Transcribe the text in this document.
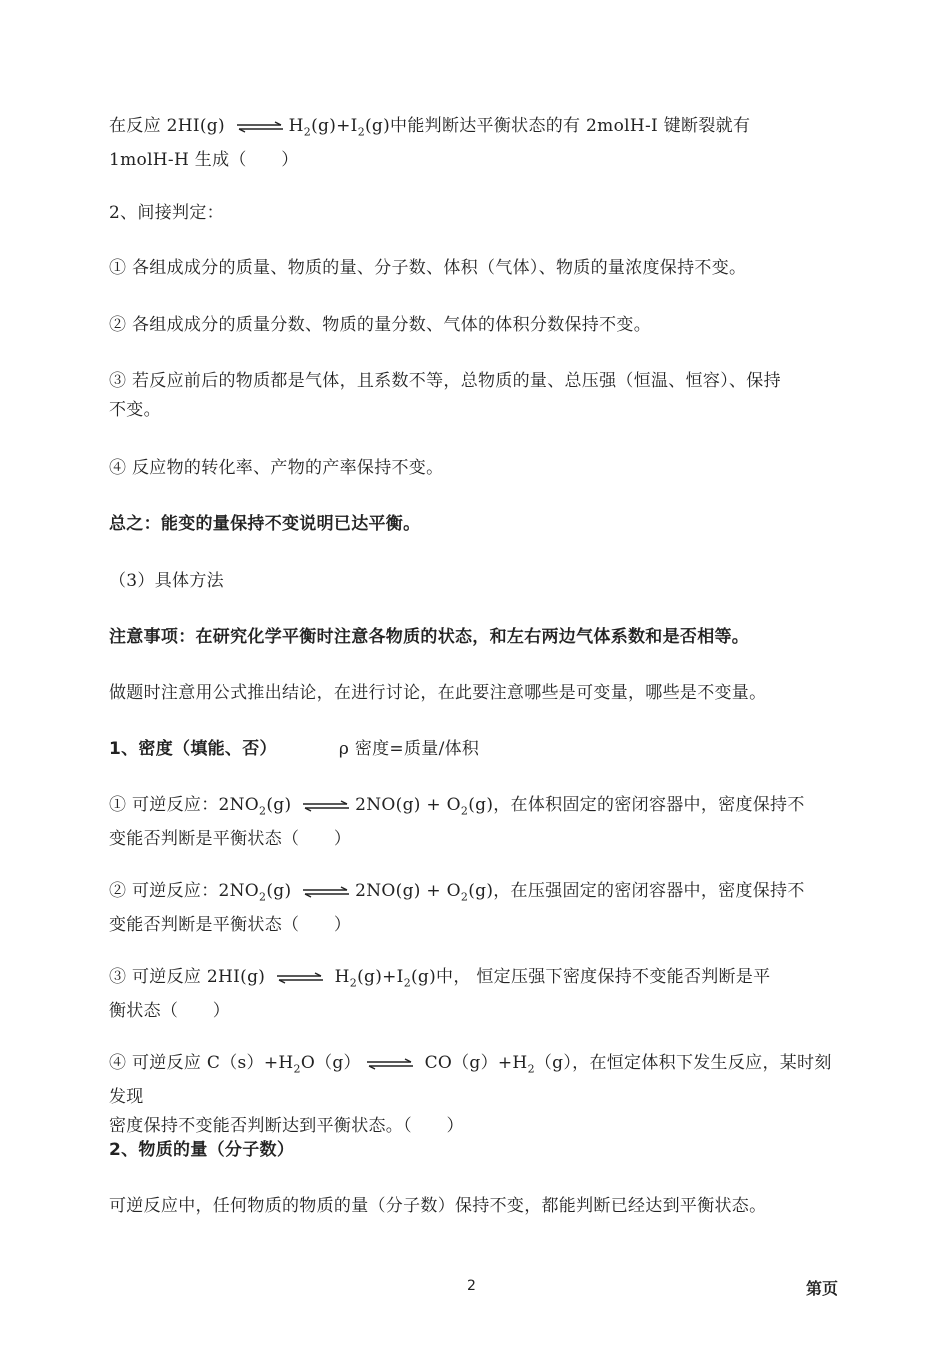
在反应 2HI(g) ⇌ $H_2(g)+I_2(g)$中能判断达平衡状态的有 2molH-I 键断裂就有
1molH-H 生成（　　）
2、间接判定：
① 各组成成分的质量、物质的量、分子数、体积（气体）、物质的量浓度保持不变。
② 各组成成分的质量分数、物质的量分数、气体的体积分数保持不变。
③ 若反应前后的物质都是气体，且系数不等，总物质的量、总压强（恒温、恒容）、保持
不变。
④ 反应物的转化率、产物的产率保持不变。
总之：能变的量保持不变说明已达平衡。
（3）具体方法
注意事项：在研究化学平衡时注意各物质的状态，和左右两边气体系数和是否相等。
做题时注意用公式推出结论，在进行讨论，在此要注意哪些是可变量，哪些是不变量。
1、密度（填能、否）	ρ 密度=质量/体积
① 可逆反应：$2NO_2(g)$ ⇌ $2NO(g) + O_2(g)$，在体积固定的密闭容器中，密度保持不
变能否判断是平衡状态（　　）
② 可逆反应：$2NO_2(g)$ ⇌ $2NO(g) + O_2(g)$，在压强固定的密闭容器中，密度保持不
变能否判断是平衡状态（　　）
③ 可逆反应 2HI(g) ⇌ $H_2(g)+I_2(g)$中， 恒定压强下密度保持不变能否判断是平
衡状态（　　）
④ 可逆反应 $C(s)+H_2O(g)$ ⇌ $CO(g)+H_2(g)$，在恒定体积下发生反应，某时刻发现
密度保持不变能否判断达到平衡状态。（　　）
2、物质的量（分子数）
可逆反应中，任何物质的物质的量（分子数）保持不变，都能判断已经达到平衡状态。
2	第页
